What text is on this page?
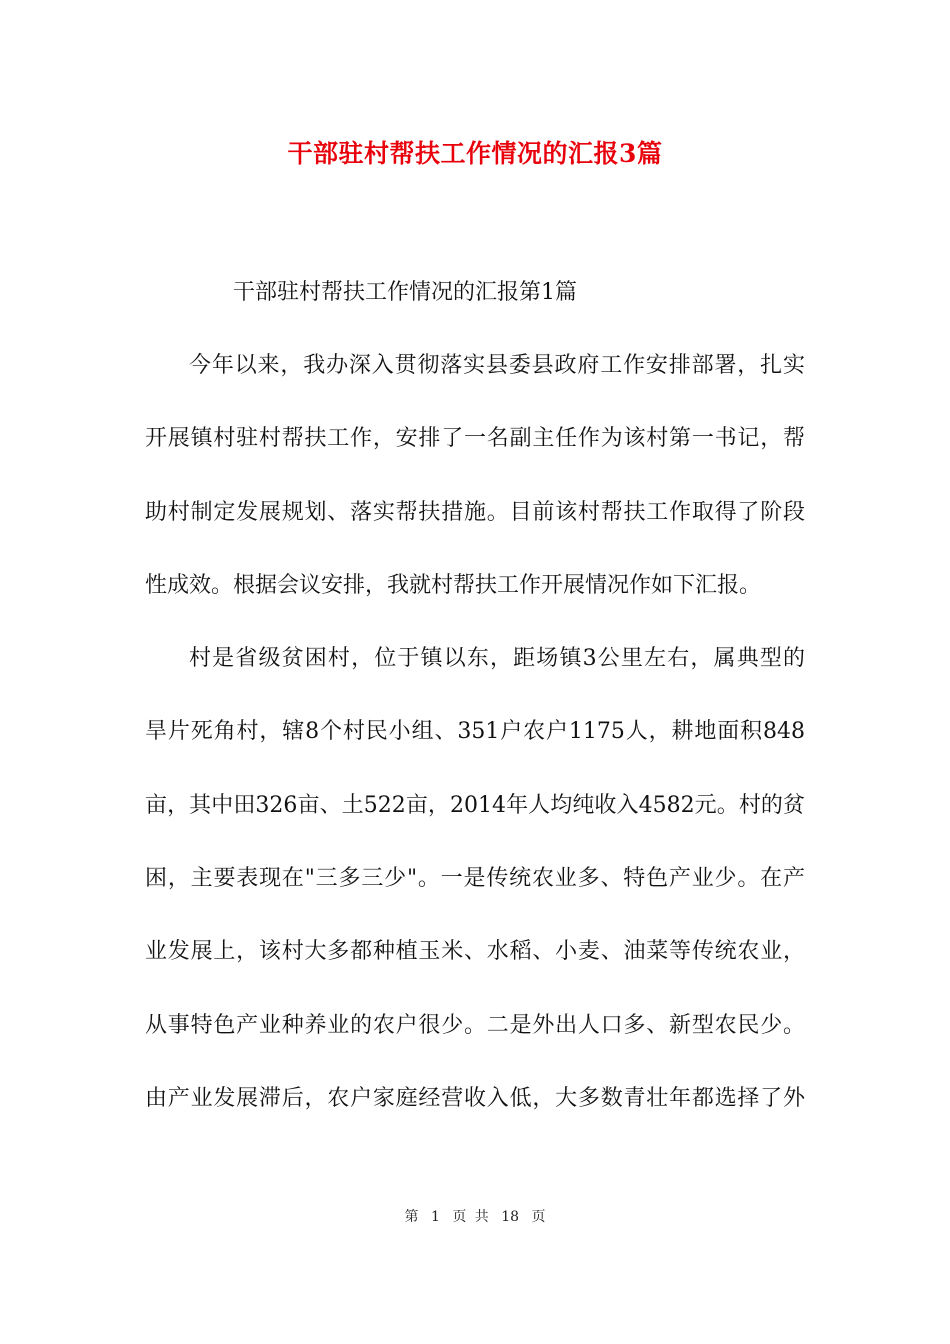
干部驻村帮扶工作情况的汇报3篇

干部驻村帮扶工作情况的汇报第1篇

今年以来，我办深入贯彻落实县委县政府工作安排部署，扎实
开展镇村驻村帮扶工作，安排了一名副主任作为该村第一书记，帮
助村制定发展规划、落实帮扶措施。目前该村帮扶工作取得了阶段
性成效。根据会议安排，我就村帮扶工作开展情况作如下汇报。
村是省级贫困村，位于镇以东，距场镇3公里左右，属典型的
旱片死角村，辖8个村民小组、351户农户1175人，耕地面积848
亩，其中田326亩、土522亩，2014年人均纯收入4582元。村的贫
困，主要表现在"三多三少"。一是传统农业多、特色产业少。在产
业发展上，该村大多都种植玉米、水稻、小麦、油菜等传统农业，
从事特色产业种养业的农户很少。二是外出人口多、新型农民少。
由产业发展滞后，农户家庭经营收入低，大多数青壮年都选择了外
第 1 页 共 18 页
